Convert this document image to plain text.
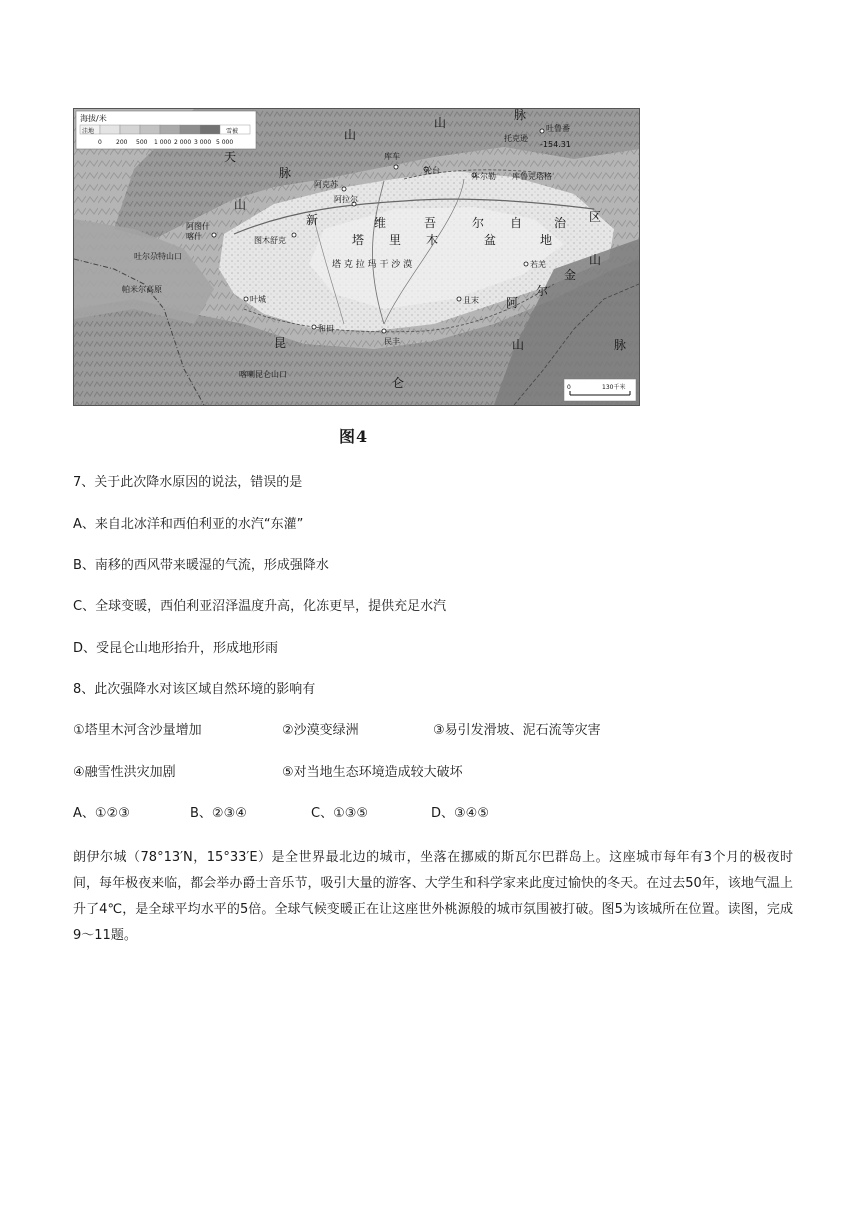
海拔/米
洼地	雪被
0 200 500 1 000 2 000 3 000 5 000
天
山
山
山
脉
脉
新	维	吾	尔 自	治 区
塔 里 木	盆	地
昆
仑
阿
尔
金
山
山	脉
塔 克 拉 玛 干 沙 漠
帕米尔高原
库车
轮台
阿克苏
阿拉尔
喀什
阿图什
图木舒克
叶城
和田
民丰
且末
若羌
库尔勒
吐鲁番
托克逊
-154.31
库鲁克塔格
喀喇昆仑山口
吐尔尕特山口
0	130千米
图4
7、关于此次降水原因的说法，错误的是
A、来自北冰洋和西伯利亚的水汽“东灌”
B、南移的西风带来暖湿的气流，形成强降水
C、全球变暖，西伯利亚沼泽温度升高，化冻更早，提供充足水汽
D、受昆仑山地形抬升，形成地形雨
8、此次强降水对该区域自然环境的影响有
①塔里木河含沙量增加	②沙漠变绿洲	③易引发滑坡、泥石流等灾害
④融雪性洪灾加剧	⑤对当地生态环境造成较大破坏
A、①②③	B、②③④	C、①③⑤	D、③④⑤
朗伊尔城（78°13′N，15°33′E）是全世界最北边的城市，坐落在挪威的斯瓦尔巴群岛上。这座城市每年有3个月的极夜时间，每年极夜来临，都会举办爵士音乐节，吸引大量的游客、大学生和科学家来此度过愉快的冬天。在过去50年，该地气温上升了4℃，是全球平均水平的5倍。全球气候变暖正在让这座世外桃源般的城市氛围被打破。图5为该城所在位置。读图，完成9～11题。
